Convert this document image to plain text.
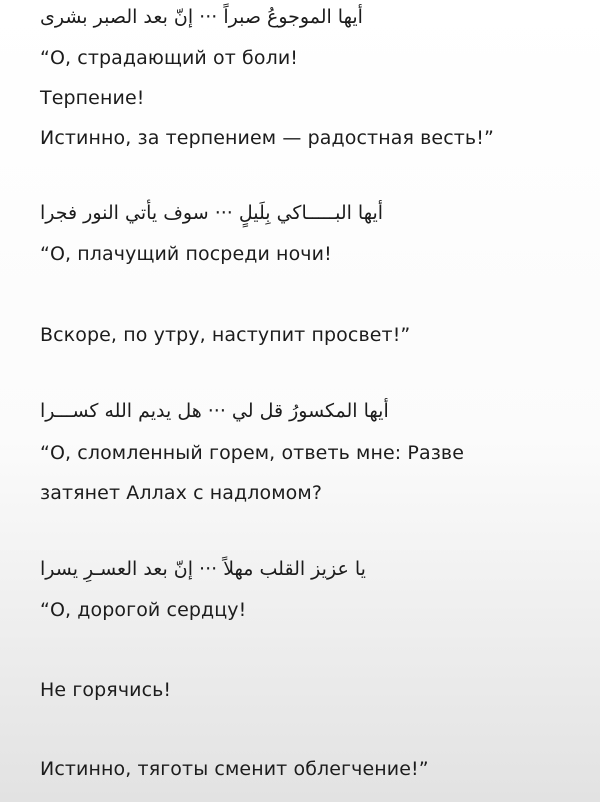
أيها الموجوعُ صبراً ··· إنّ بعد الصبر بشرى

“О, страдающий от боли!

Терпение!

Истинно, за терпением — радостная весть!”

أيها البـــــاكي بِلَيلٍ ··· سوف يأتي النور فجرا

“О, плачущий посреди ночи!

Вскоре, по утру, наступит просвет!”

أيها المكسورُ قل لي ··· هل يديم الله كســـرا

“О, сломленный горем, ответь мне: Разве

затянет Аллах с надломом?

يا عزيز القلب مهلاً ··· إنّ بعد العسـرِ يسرا

“О, дорогой сердцу!

Не горячись!

Истинно, тяготы сменит облегчение!”
